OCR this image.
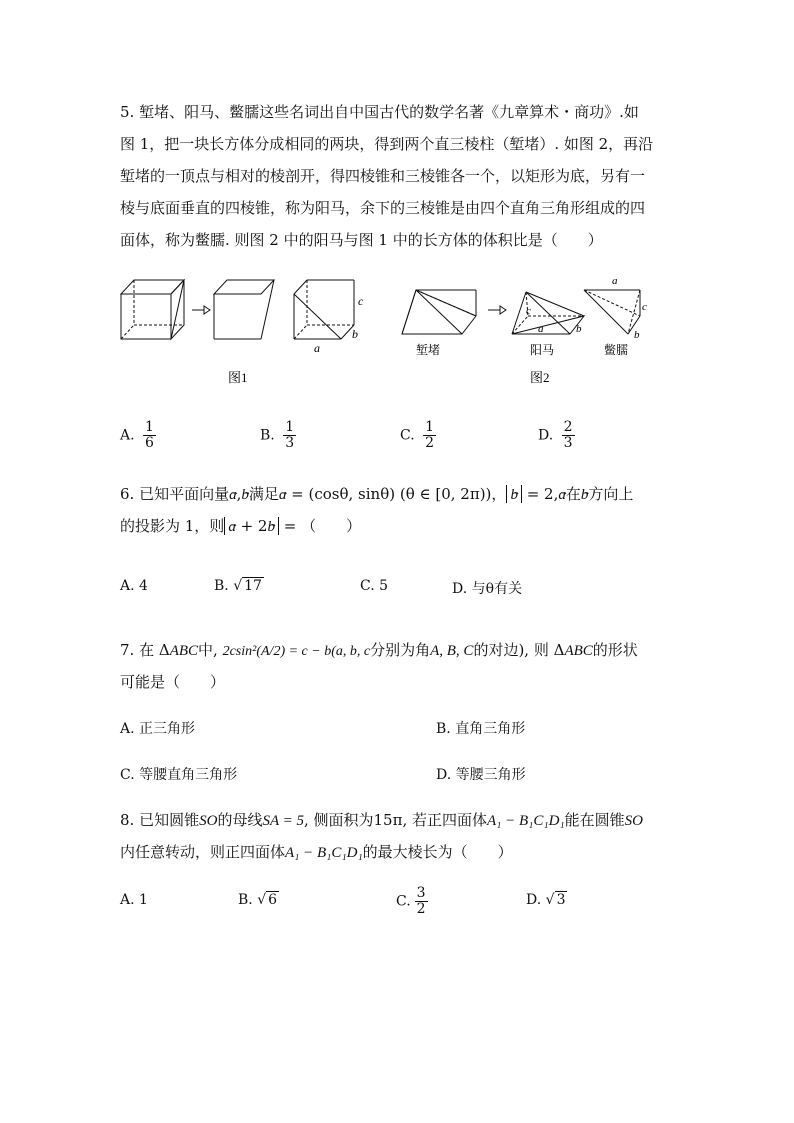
5. 堑堵、阳马、鳖臑这些名词出自中国古代的数学名著《九章算术・商功》.如
图 1，把一块长方体分成相同的两块，得到两个直三棱柱（堑堵）. 如图 2，再沿
堑堵的一顶点与相对的棱剖开，得四棱锥和三棱锥各一个，以矩形为底，另有一
棱与底面垂直的四棱锥，称为阳马，余下的三棱锥是由四个直角三角形组成的四
面体，称为鳖臑. 则图 2 中的阳马与图 1 中的长方体的体积比是（　　）
c
b
a
图1
c
a	b
a
c
b
堑堵	阳马	鳖臑
图2
A. $\frac{1}{6}$	B. $\frac{1}{3}$	C. $\frac{1}{2}$	D. $\frac{2}{3}$
6. 已知平面向量→ a,→ b满足→ a = (cosθ, sinθ) (θ ∈ [0, 2π))， → b = 2,→ a在→ b方向上
的投影为 1，则 → a + 2→ b = （　　）
A. 4	B. √ 17	C. 5	D. 与θ有关
7. 在 ΔABC中, 2csin²(A/2) = c − b(a, b, c分别为角A, B, C的对边), 则 ΔABC的形状
可能是（　　）
A. 正三角形	B. 直角三角形
C. 等腰直角三角形	D. 等腰三角形
8. 已知圆锥SO的母线SA = 5, 侧面积为15π, 若正四面体A₁ − B₁C₁D₁能在圆锥SO
内任意转动，则正四面体A₁ − B₁C₁D₁的最大棱长为（　　）
A. 1	B. √ 6	C. $\frac{3}{2}$	D. √ 3
